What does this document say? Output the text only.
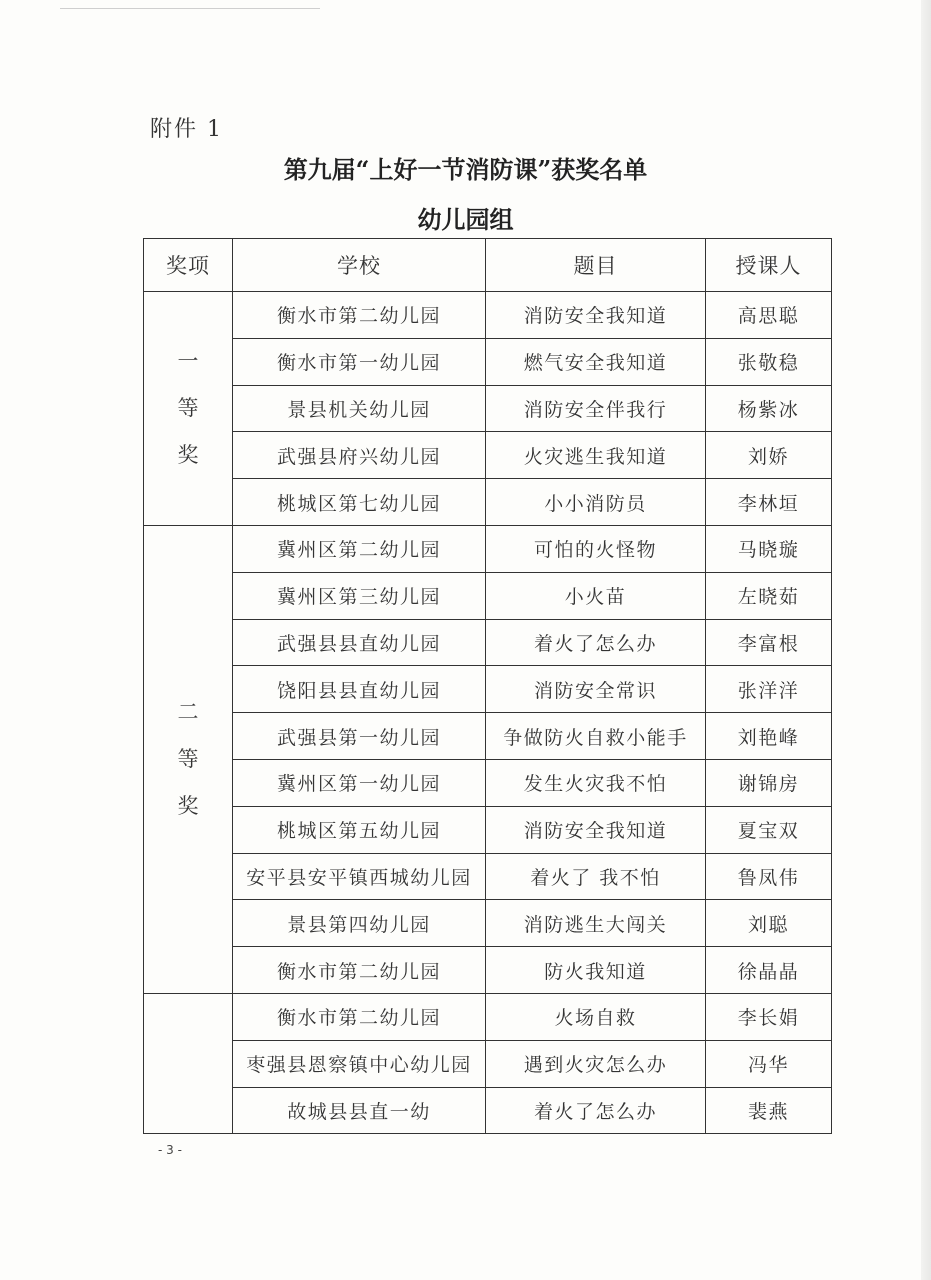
附件 1
第九届“上好一节消防课”获奖名单
幼儿园组
奖项	学校	题目	授课人

一
等
奖	衡水市第二幼儿园	消防安全我知道	高思聪
	衡水市第一幼儿园	燃气安全我知道	张敬稳
	景县机关幼儿园	消防安全伴我行	杨紫冰
	武强县府兴幼儿园	火灾逃生我知道	刘娇
	桃城区第七幼儿园	小小消防员	李林垣

二
等
奖	冀州区第二幼儿园	可怕的火怪物	马晓璇
	冀州区第三幼儿园	小火苗	左晓茹
	武强县县直幼儿园	着火了怎么办	李富根
	饶阳县县直幼儿园	消防安全常识	张洋洋
	武强县第一幼儿园	争做防火自救小能手	刘艳峰
	冀州区第一幼儿园	发生火灾我不怕	谢锦房
	桃城区第五幼儿园	消防安全我知道	夏宝双
	安平县安平镇西城幼儿园	着火了 我不怕	鲁凤伟
	景县第四幼儿园	消防逃生大闯关	刘聪
	衡水市第二幼儿园	防火我知道	徐晶晶
	衡水市第二幼儿园	火场自救	李长娟
	枣强县恩察镇中心幼儿园	遇到火灾怎么办	冯华
	故城县县直一幼	着火了怎么办	裴燕
- 3 -
